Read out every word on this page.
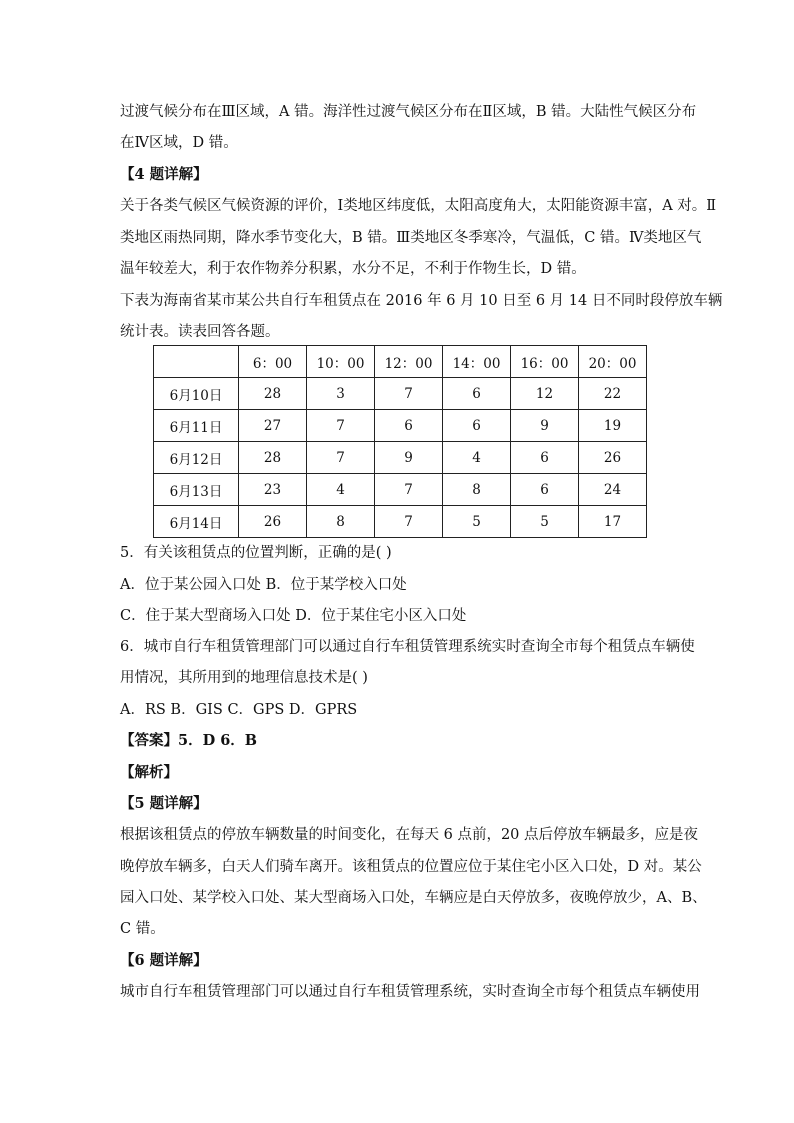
过渡气候分布在Ⅲ区域，A 错。海洋性过渡气候区分布在Ⅱ区域，B 错。大陆性气候区分布
在Ⅳ区域，D 错。
【4 题详解】
关于各类气候区气候资源的评价，Ⅰ类地区纬度低，太阳高度角大，太阳能资源丰富，A 对。Ⅱ
类地区雨热同期，降水季节变化大，B 错。Ⅲ类地区冬季寒冷，气温低，C 错。Ⅳ类地区气
温年较差大，利于农作物养分积累，水分不足，不利于作物生长，D 错。
下表为海南省某市某公共自行车租赁点在 2016 年 6 月 10 日至 6 月 14 日不同时段停放车辆
统计表。读表回答各题。
	6：00	10：00	12：00	14：00	16：00	20：00
6月10日	28	3	7	6	12	22
6月11日	27	7	6	6	9	19
6月12日	28	7	9	4	6	26
6月13日	23	4	7	8	6	24
6月14日	26	8	7	5	5	17
5．有关该租赁点的位置判断，正确的是( )
A．位于某公园入口处 B．位于某学校入口处
C．住于某大型商场入口处 D．位于某住宅小区入口处
6．城市自行车租赁管理部门可以通过自行车租赁管理系统实时查询全市每个租赁点车辆使
用情况，其所用到的地理信息技术是( )
A．RS B．GIS C．GPS D．GPRS
【答案】5．D 6．B
【解析】
【5 题详解】
根据该租赁点的停放车辆数量的时间变化，在每天 6 点前，20 点后停放车辆最多，应是夜
晚停放车辆多，白天人们骑车离开。该租赁点的位置应位于某住宅小区入口处，D 对。某公
园入口处、某学校入口处、某大型商场入口处，车辆应是白天停放多，夜晚停放少，A、B、
C 错。
【6 题详解】
城市自行车租赁管理部门可以通过自行车租赁管理系统，实时查询全市每个租赁点车辆使用
